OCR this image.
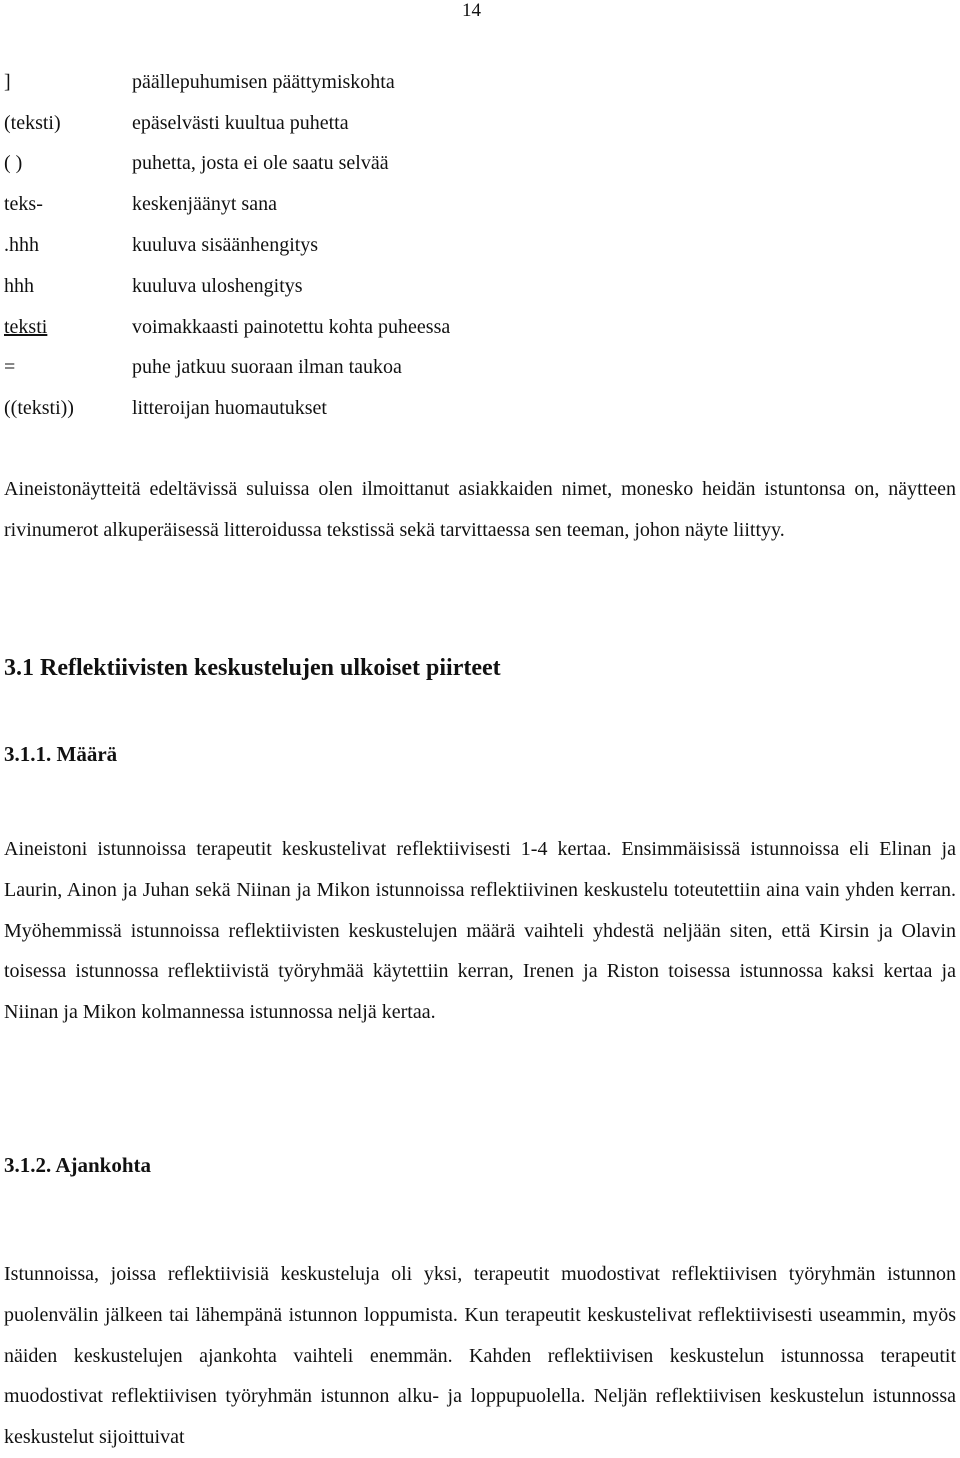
14
]	päällepuhumisen päättymiskohta
(teksti)	epäselvästi kuultua puhetta
( )	puhetta, josta ei ole saatu selvää
teks-	keskenjäänyt sana
.hhh	kuuluva sisäänhengitys
hhh	kuuluva uloshengitys
teksti	voimakkaasti painotettu kohta puheessa
=	puhe jatkuu suoraan ilman taukoa
((teksti))	litteroijan huomautukset

Aineistonäytteitä edeltävissä suluissa olen ilmoittanut asiakkaiden nimet, monesko heidän istuntonsa on, näytteen rivinumerot alkuperäisessä litteroidussa tekstissä sekä tarvittaessa sen teeman, johon näyte liittyy.

3.1 Reflektiivisten keskustelujen ulkoiset piirteet
3.1.1. Määrä

Aineistoni istunnoissa terapeutit keskustelivat reflektiivisesti 1-4 kertaa. Ensimmäisissä istunnoissa eli Elinan ja Laurin, Ainon ja Juhan sekä Niinan ja Mikon istunnoissa reflektiivinen keskustelu toteutettiin aina vain yhden kerran. Myöhemmissä istunnoissa reflektiivisten keskustelujen määrä vaihteli yhdestä neljään siten, että Kirsin ja Olavin toisessa istunnossa reflektiivistä työryhmää käytettiin kerran, Irenen ja Riston toisessa istunnossa kaksi kertaa ja Niinan ja Mikon kolmannessa istunnossa neljä kertaa.

3.1.2. Ajankohta

Istunnoissa, joissa reflektiivisiä keskusteluja oli yksi, terapeutit muodostivat reflektiivisen työryhmän istunnon puolenvälin jälkeen tai lähempänä istunnon loppumista. Kun terapeutit keskustelivat reflektiivisesti useammin, myös näiden keskustelujen ajankohta vaihteli enemmän. Kahden reflektiivisen keskustelun istunnossa terapeutit muodostivat reflektiivisen työryhmän istunnon alku- ja loppupuolella. Neljän reflektiivisen keskustelun istunnossa keskustelut sijoittuivat
